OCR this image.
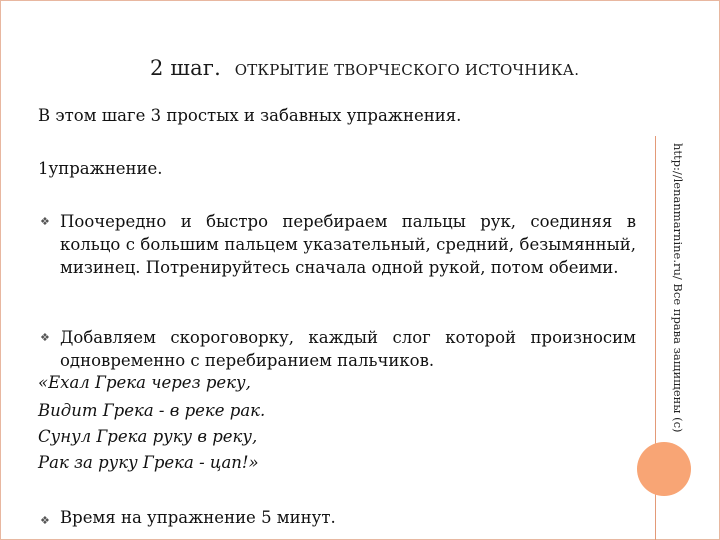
2 шаг. ОТКРЫТИЕ ТВОРЧЕСКОГО ИСТОЧНИКА.
В этом шаге 3 простых и забавных упражнения.
http://lenanmarnine.ru/ Все права защищены (с)
1упражнение.
❖ Поочередно и быстро перебираем пальцы рук, соединяя в кольцо с большим пальцем указательный, средний, безымянный, мизинец. Потренируйтесь сначала одной рукой, потом обеими.
❖ Добавляем скороговорку, каждый слог которой произносим одновременно с перебиранием пальчиков.
«Ехал Грека через реку,
Видит Грека - в реке рак.
Сунул Грека руку в реку,
Рак за руку Грека - цап!»
❖ Время на упражнение 5 минут.
